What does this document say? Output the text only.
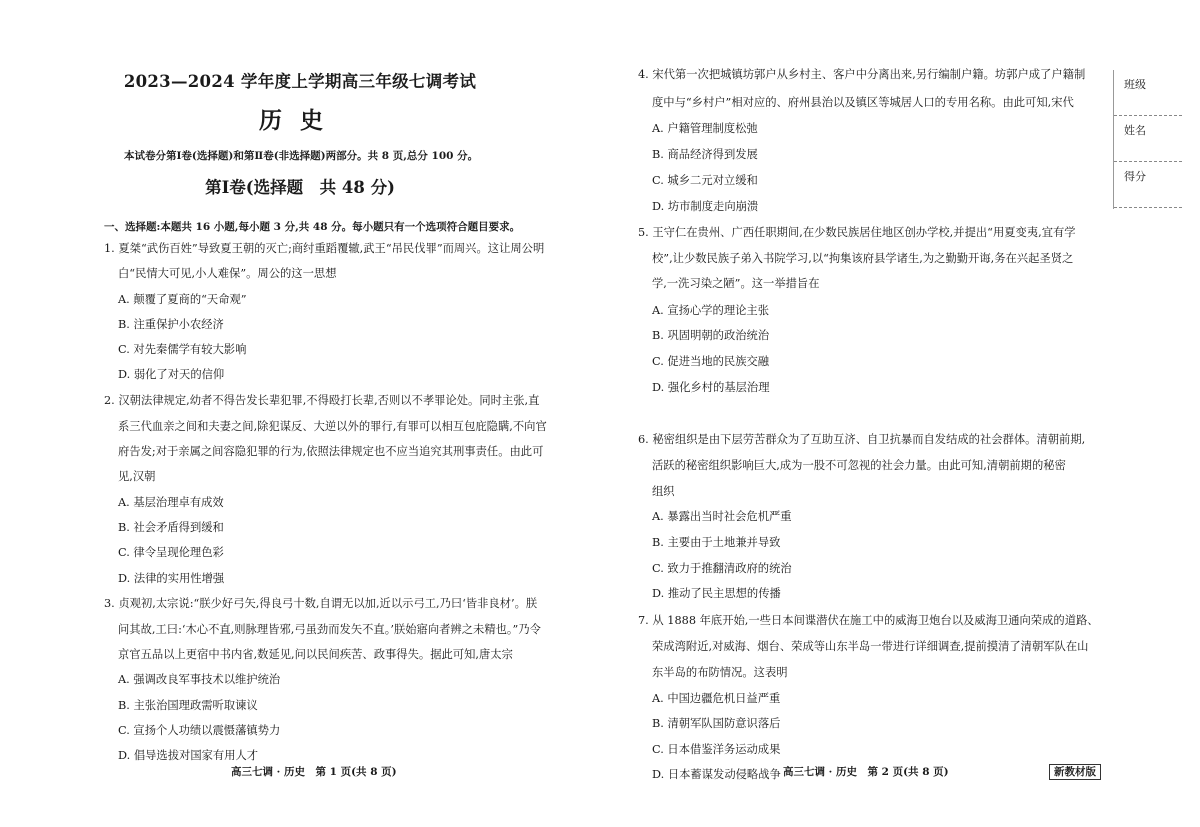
2023—2024 学年度上学期高三年级七调考试
历史
本试卷分第Ⅰ卷(选择题)和第Ⅱ卷(非选择题)两部分。共 8 页,总分 100 分。
第Ⅰ卷(选择题　共 48 分)
一、选择题:本题共 16 小题,每小题 3 分,共 48 分。每小题只有一个选项符合题目要求。
1. 夏桀“武伤百姓”导致夏王朝的灭亡;商纣重蹈覆辙,武王“吊民伐罪”而周兴。这让周公明
白“民情大可见,小人难保”。周公的这一思想
A. 颠覆了夏商的“天命观”
B. 注重保护小农经济
C. 对先秦儒学有较大影响
D. 弱化了对天的信仰
2. 汉朝法律规定,幼者不得告发长辈犯罪,不得殴打长辈,否则以不孝罪论处。同时主张,直
系三代血亲之间和夫妻之间,除犯谋反、大逆以外的罪行,有罪可以相互包庇隐瞒,不向官
府告发;对于亲属之间容隐犯罪的行为,依照法律规定也不应当追究其刑事责任。由此可
见,汉朝
A. 基层治理卓有成效
B. 社会矛盾得到缓和
C. 律令呈现伦理色彩
D. 法律的实用性增强
3. 贞观初,太宗说:“朕少好弓矢,得良弓十数,自谓无以加,近以示弓工,乃曰‘皆非良材’。朕
问其故,工曰:‘木心不直,则脉理皆邪,弓虽劲而发矢不直。’朕始寤向者辨之未精也。”乃令
京官五品以上更宿中书内省,数延见,问以民间疾苦、政事得失。据此可知,唐太宗
A. 强调改良军事技术以维护统治
B. 主张治国理政需听取谏议
C. 宣扬个人功绩以震慑藩镇势力
D. 倡导选拔对国家有用人才
高三七调 · 历史　第 1 页(共 8 页)
4. 宋代第一次把城镇坊郭户从乡村主、客户中分离出来,另行编制户籍。坊郭户成了户籍制
度中与“乡村户”相对应的、府州县治以及镇区等城居人口的专用名称。由此可知,宋代
A. 户籍管理制度松弛
B. 商品经济得到发展
C. 城乡二元对立缓和
D. 坊市制度走向崩溃
5. 王守仁在贵州、广西任职期间,在少数民族居住地区创办学校,并提出“用夏变夷,宜有学
校”,让少数民族子弟入书院学习,以“拘集该府县学诸生,为之勤勤开诲,务在兴起圣贤之
学,一洗习染之陋”。这一举措旨在
A. 宣扬心学的理论主张
B. 巩固明朝的政治统治
C. 促进当地的民族交融
D. 强化乡村的基层治理
6. 秘密组织是由下层劳苦群众为了互助互济、自卫抗暴而自发结成的社会群体。清朝前期,
活跃的秘密组织影响巨大,成为一股不可忽视的社会力量。由此可知,清朝前期的秘密
组织
A. 暴露出当时社会危机严重
B. 主要由于土地兼并导致
C. 致力于推翻清政府的统治
D. 推动了民主思想的传播
7. 从 1888 年底开始,一些日本间谍潜伏在施工中的威海卫炮台以及威海卫通向荣成的道路、
荣成湾附近,对威海、烟台、荣成等山东半岛一带进行详细调查,提前摸清了清朝军队在山
东半岛的布防情况。这表明
A. 中国边疆危机日益严重
B. 清朝军队国防意识落后
C. 日本借鉴洋务运动成果
D. 日本蓄谋发动侵略战争 高三七调 · 历史　第 2 页(共 8 页)	新教材版
班级
姓名
得分
